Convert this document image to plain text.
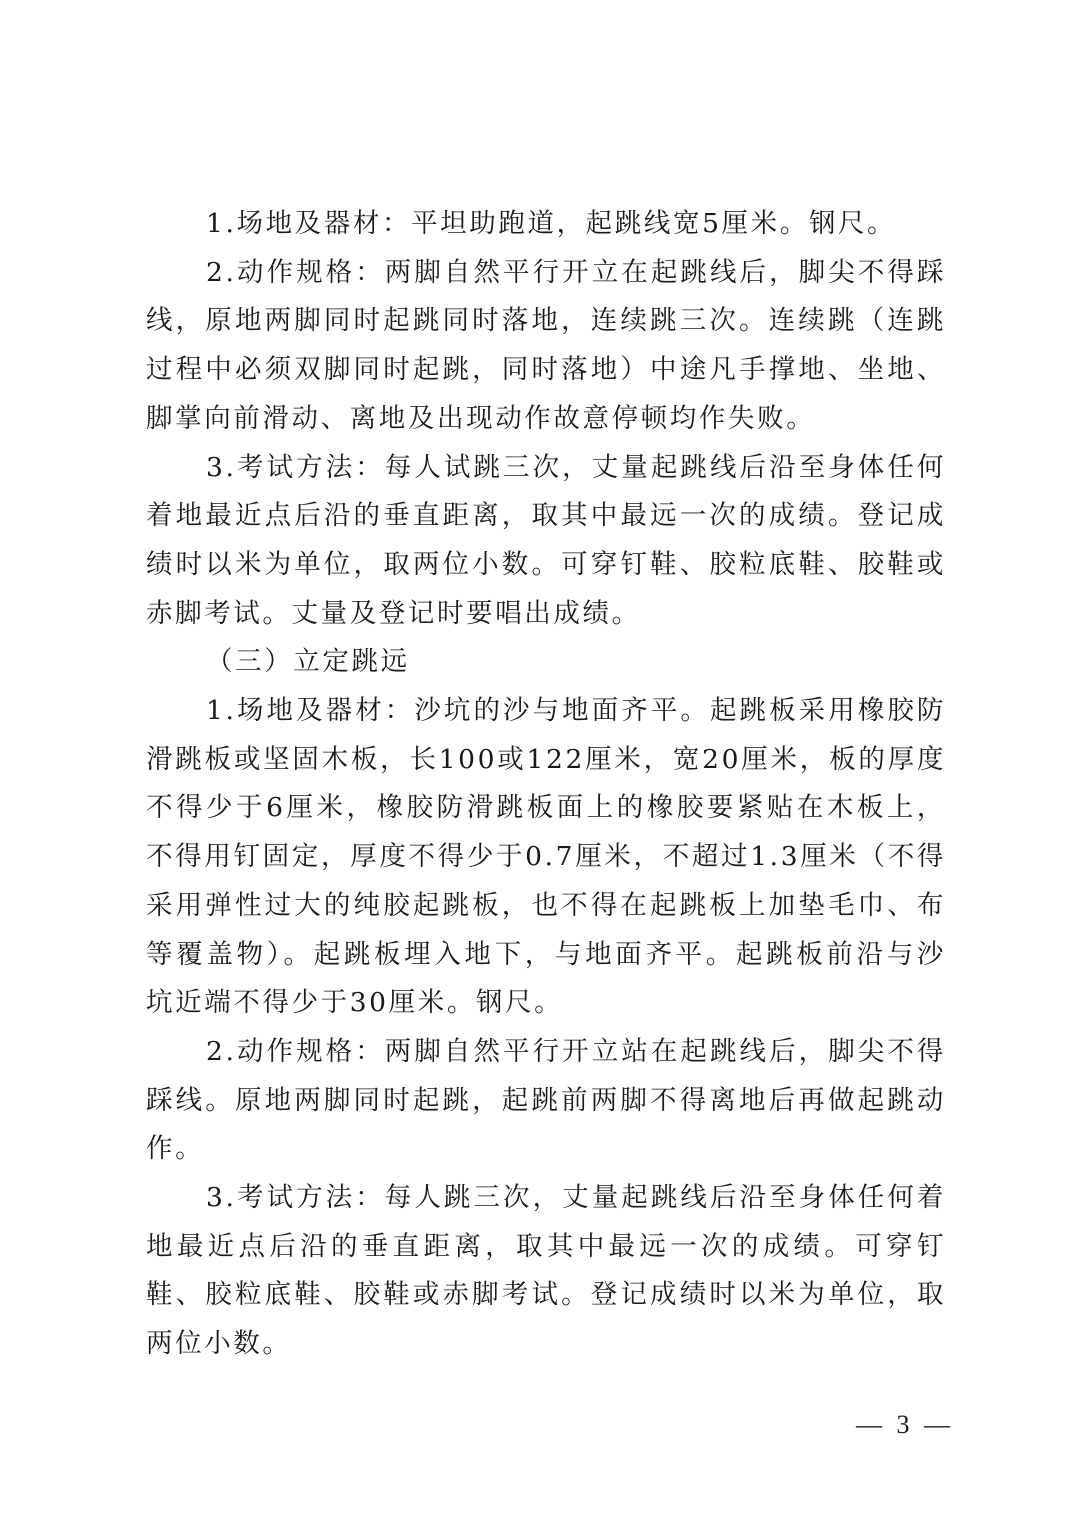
1.场地及器材：平坦助跑道，起跳线宽5厘米。钢尺。

2.动作规格：两脚自然平行开立在起跳线后，脚尖不得踩线，原地两脚同时起跳同时落地，连续跳三次。连续跳（连跳过程中必须双脚同时起跳，同时落地）中途凡手撑地、坐地、脚掌向前滑动、离地及出现动作故意停顿均作失败。

3.考试方法：每人试跳三次，丈量起跳线后沿至身体任何着地最近点后沿的垂直距离，取其中最远一次的成绩。登记成绩时以米为单位，取两位小数。可穿钉鞋、胶粒底鞋、胶鞋或赤脚考试。丈量及登记时要唱出成绩。

（三）立定跳远

1.场地及器材：沙坑的沙与地面齐平。起跳板采用橡胶防滑跳板或坚固木板，长100或122厘米，宽20厘米，板的厚度不得少于6厘米，橡胶防滑跳板面上的橡胶要紧贴在木板上，不得用钉固定，厚度不得少于0.7厘米，不超过1.3厘米（不得采用弹性过大的纯胶起跳板，也不得在起跳板上加垫毛巾、布等覆盖物）。起跳板埋入地下，与地面齐平。起跳板前沿与沙坑近端不得少于30厘米。钢尺。

2.动作规格：两脚自然平行开立站在起跳线后，脚尖不得踩线。原地两脚同时起跳，起跳前两脚不得离地后再做起跳动作。

3.考试方法：每人跳三次，丈量起跳线后沿至身体任何着地最近点后沿的垂直距离，取其中最远一次的成绩。可穿钉鞋、胶粒底鞋、胶鞋或赤脚考试。登记成绩时以米为单位，取两位小数。

— 3 —
